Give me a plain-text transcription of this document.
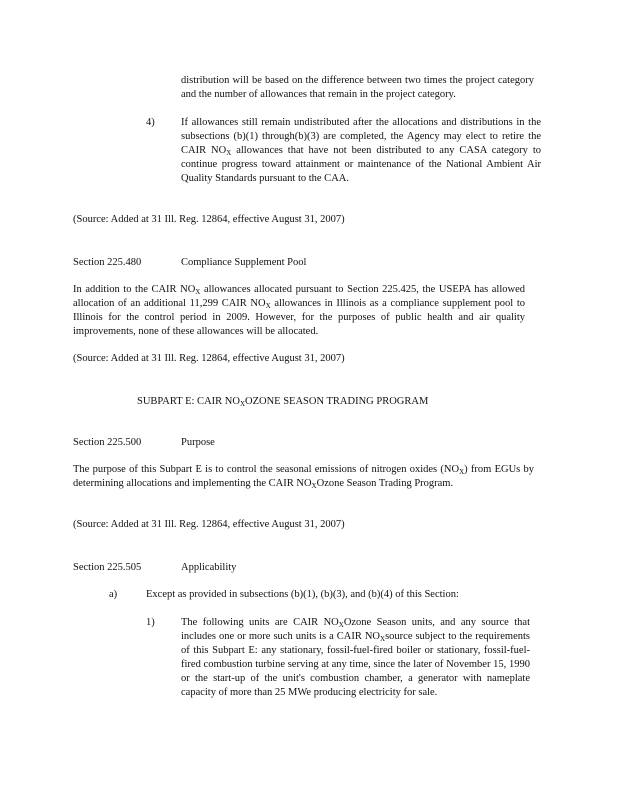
distribution will be based on the difference between two times the project category and the number of allowances that remain in the project category.

4)	If allowances still remain undistributed after the allocations and distributions in the subsections (b)(1) through(b)(3) are completed, the Agency may elect to retire the CAIR $NO_X$ allowances that have not been distributed to any CASA category to continue progress toward attainment or maintenance of the National Ambient Air Quality Standards pursuant to the CAA.

(Source: Added at 31 Ill. Reg. 12864, effective August 31, 2007)

Section 225.480	Compliance Supplement Pool

In addition to the CAIR $NO_X$ allowances allocated pursuant to Section 225.425, the USEPA has allowed allocation of an additional 11,299 CAIR $NO_X$ allowances in Illinois as a compliance supplement pool to Illinois for the control period in 2009. However, for the purposes of public health and air quality improvements, none of these allowances will be allocated.

(Source: Added at 31 Ill. Reg. 12864, effective August 31, 2007)

SUBPART E: CAIR $NO_XOZONE$ SEASON TRADING PROGRAM

Section 225.500	Purpose

The purpose of this Subpart E is to control the seasonal emissions of nitrogen oxides $(NO_X)$ from EGUs by determining allocations and implementing the CAIR $NO_XOzone$ Season Trading Program.

(Source: Added at 31 Ill. Reg. 12864, effective August 31, 2007)

Section 225.505	Applicability
a)	Except as provided in subsections (b)(1), (b)(3), and (b)(4) of this Section:
1)	The following units are CAIR $NO_XOzone$ Season units, and any source that includes one or more such units is a CAIR $NO_Xsource$ subject to the requirements of this Subpart E: any stationary, fossil-fuel-fired boiler or stationary, fossil-fuel-fired combustion turbine serving at any time, since the later of November 15, 1990 or the start-up of the unit's combustion chamber, a generator with nameplate capacity of more than 25 MWe producing electricity for sale.
